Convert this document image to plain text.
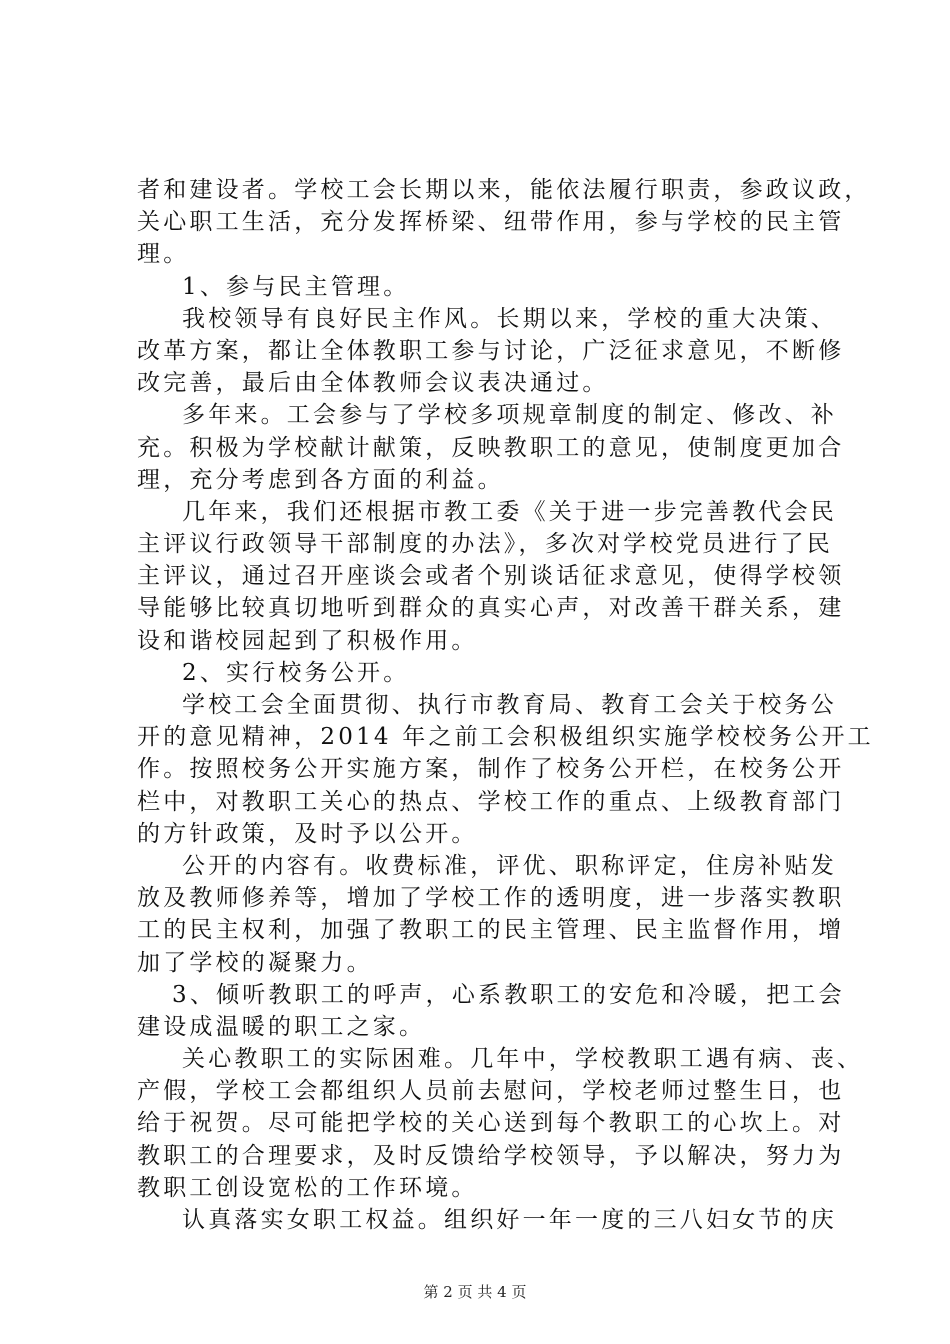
者和建设者。学校工会长期以来，能依法履行职责，参政议政，
关心职工生活，充分发挥桥梁、纽带作用，参与学校的民主管
理。
1、参与民主管理。
我校领导有良好民主作风。长期以来，学校的重大决策、
改革方案，都让全体教职工参与讨论，广泛征求意见，不断修
改完善，最后由全体教师会议表决通过。
多年来。工会参与了学校多项规章制度的制定、修改、补
充。积极为学校献计献策，反映教职工的意见，使制度更加合
理，充分考虑到各方面的利益。
几年来，我们还根据市教工委《关于进一步完善教代会民
主评议行政领导干部制度的办法》，多次对学校党员进行了民
主评议，通过召开座谈会或者个别谈话征求意见，使得学校领
导能够比较真切地听到群众的真实心声，对改善干群关系，建
设和谐校园起到了积极作用。
2、实行校务公开。
学校工会全面贯彻、执行市教育局、教育工会关于校务公
开的意见精神，2014 年之前工会积极组织实施学校校务公开工
作。按照校务公开实施方案，制作了校务公开栏，在校务公开
栏中，对教职工关心的热点、学校工作的重点、上级教育部门
的方针政策，及时予以公开。
公开的内容有。收费标准，评优、职称评定，住房补贴发
放及教师修养等，增加了学校工作的透明度，进一步落实教职
工的民主权利，加强了教职工的民主管理、民主监督作用，增
加了学校的凝聚力。
3、倾听教职工的呼声，心系教职工的安危和冷暖，把工会
建设成温暖的职工之家。
关心教职工的实际困难。几年中，学校教职工遇有病、丧、
产假，学校工会都组织人员前去慰问，学校老师过整生日，也
给于祝贺。尽可能把学校的关心送到每个教职工的心坎上。对
教职工的合理要求，及时反馈给学校领导，予以解决，努力为
教职工创设宽松的工作环境。
认真落实女职工权益。组织好一年一度的三八妇女节的庆
第 2 页 共 4 页
